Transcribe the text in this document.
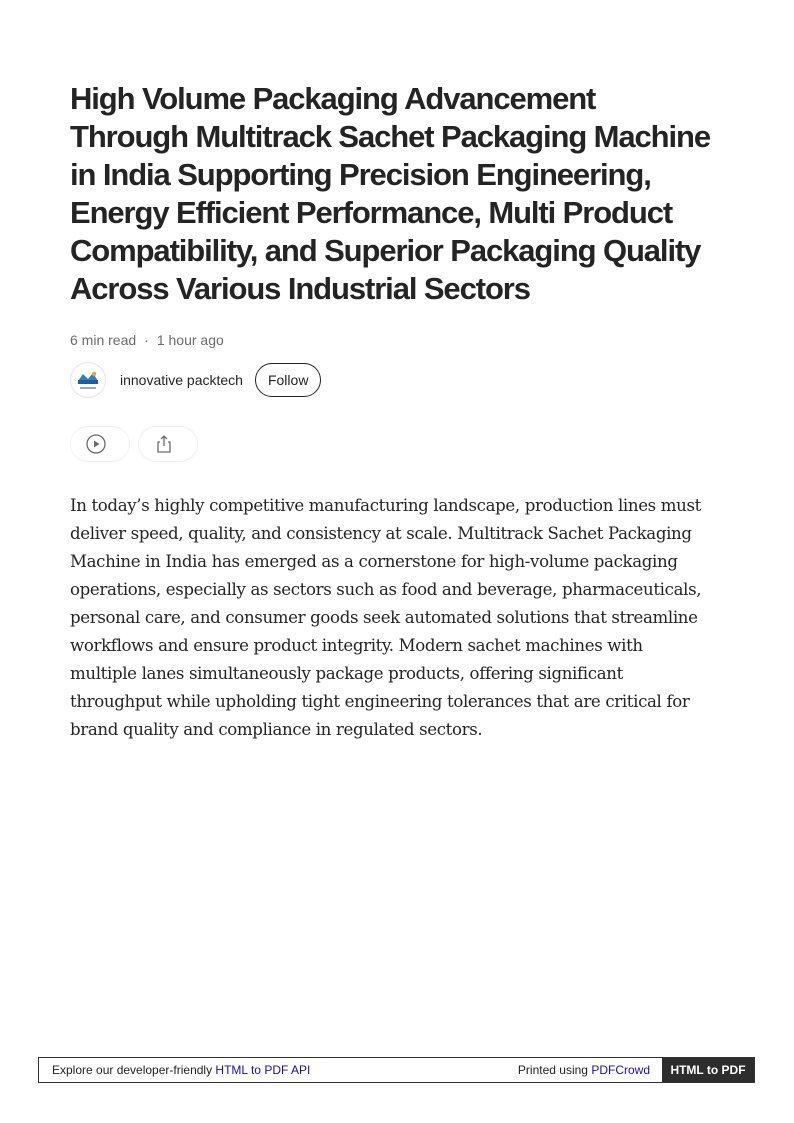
High Volume Packaging Advancement Through Multitrack Sachet Packaging Machine in India Supporting Precision Engineering, Energy Efficient Performance, Multi Product Compatibility, and Superior Packaging Quality Across Various Industrial Sectors
6 min read · 1 hour ago
innovative packtech	Follow

In today’s highly competitive manufacturing landscape, production lines must deliver speed, quality, and consistency at scale. Multitrack Sachet Packaging Machine in India has emerged as a cornerstone for high-volume packaging operations, especially as sectors such as food and beverage, pharmaceuticals, personal care, and consumer goods seek automated solutions that streamline workflows and ensure product integrity. Modern sachet machines with multiple lanes simultaneously package products, offering significant throughput while upholding tight engineering tolerances that are critical for brand quality and compliance in regulated sectors.

Explore our developer-friendly HTML to PDF API	Printed using PDFCrowd	HTML to PDF
